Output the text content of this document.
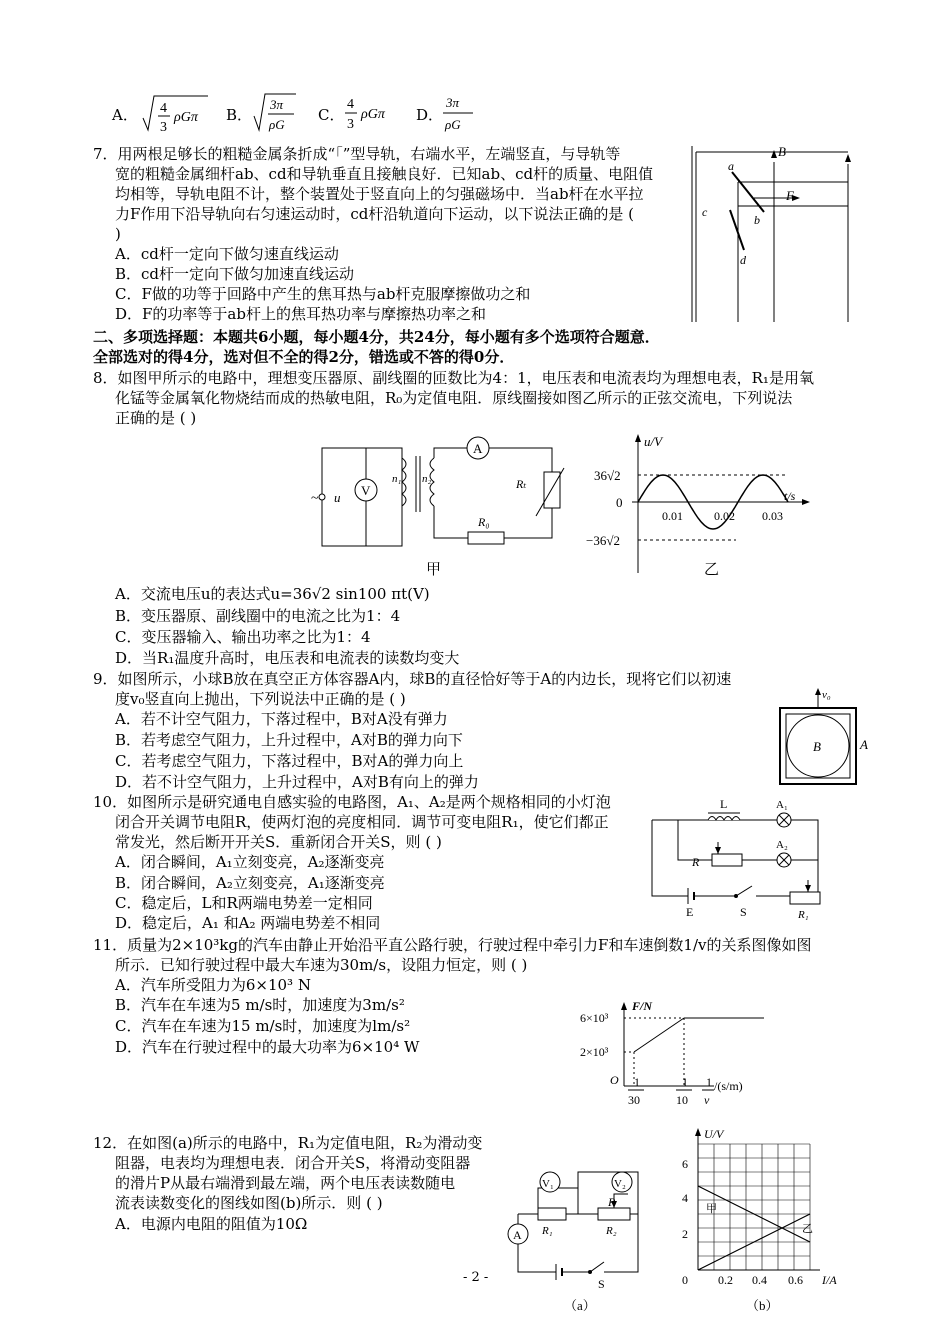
A． 4
3
ρGπ B．
3π
ρG
C．
4
3
ρGπ D．
3π
ρG
7．用两根足够长的粗糙金属条折成“「”型导轨，右端水平，左端竖直，与导轨等
宽的粗糙金属细杆ab、cd和导轨垂直且接触良好．已知ab、cd杆的质量、电阻值
均相等，导轨电阻不计，整个装置处于竖直向上的匀强磁场中．当ab杆在水平拉
力F作用下沿导轨向右匀速运动时，cd杆沿轨道向下运动，以下说法正确的是 (
)
A．cd杆一定向下做匀速直线运动
B．cd杆一定向下做匀加速直线运动
C．F做的功等于回路中产生的焦耳热与ab杆克服摩擦做功之和
D．F的功率等于ab杆上的焦耳热功率与摩擦热功率之和
B
F
a
b
c
d
二、多项选择题：本题共6小题，每小题4分，共24分，每小题有多个选项符合题意．
全部选对的得4分，选对但不全的得2分，错选或不答的得0分．
8．如图甲所示的电路中，理想变压器原、副线圈的匝数比为4：1，电压表和电流表均为理想电表，R₁是用氧
化锰等金属氧化物烧结而成的热敏电阻，R₀为定值电阻．原线圈接如图乙所示的正弦交流电，下列说法
正确的是 ( )
~ u V
n₁ n₂
A
Rₜ
R₀
甲
u/V
t/s
36√2
0
−36√2
0.01	0.02 0.03
乙
A．交流电压u的表达式u=36√2 sin100 πt(V)
B．变压器原、副线圈中的电流之比为1：4
C．变压器输入、输出功率之比为1：4
D．当R₁温度升高时，电压表和电流表的读数均变大
9．如图所示，小球B放在真空正方体容器A内，球B的直径恰好等于A的内边长，现将它们以初速
度v₀竖直向上抛出，下列说法中正确的是 ( )
A．若不计空气阻力，下落过程中，B对A没有弹力
B．若考虑空气阻力，上升过程中，A对B的弹力向下
C．若考虑空气阻力，下落过程中，B对A的弹力向上
D．若不计空气阻力，上升过程中，A对B有向上的弹力
v₀
B	A
10．如图所示是研究通电自感实验的电路图，A₁、A₂是两个规格相同的小灯泡
闭合开关调节电阻R，使两灯泡的亮度相同．调节可变电阻R₁，使它们都正
常发光，然后断开开关S．重新闭合开关S，则 ( )
A．闭合瞬间，A₁立刻变亮，A₂逐渐变亮
B．闭合瞬间，A₂立刻变亮，A₁逐渐变亮
C．稳定后，L和R两端电势差一定相同
D．稳定后，A₁ 和A₂ 两端电势差不相同
L	A₁
A₂
R
E	S	R₁
11．质量为2×10³kg的汽车由静止开始沿平直公路行驶，行驶过程中牵引力F和车速倒数1/v的关系图像如图
所示．已知行驶过程中最大车速为30m/s，设阻力恒定，则 ( )
A．汽车所受阻力为6×10³ N
B．汽车在车速为5 m/s时，加速度为3m/s²
C．汽车在车速为15 m/s时，加速度为lm/s²
D．汽车在行驶过程中的最大功率为6×10⁴ W
F/N
6×10³
2×10³
O 1
30
1
10
1
v
/(s/m)
12．在如图(a)所示的电路中，R₁为定值电阻，R₂为滑动变
阻器，电表均为理想电表．闭合开关S，将滑动变阻器
的滑片P从最右端滑到最左端，两个电压表读数随电
流表读数变化的图线如图(b)所示．则 ( )
A．电源内电阻的阻值为10Ω
V₁	V₂
P
R₁	R₂
A
S
（a）
U/V
6
4
2
0	0.2 0.4 0.6 I/A
甲
乙
（b）
- 2 -
